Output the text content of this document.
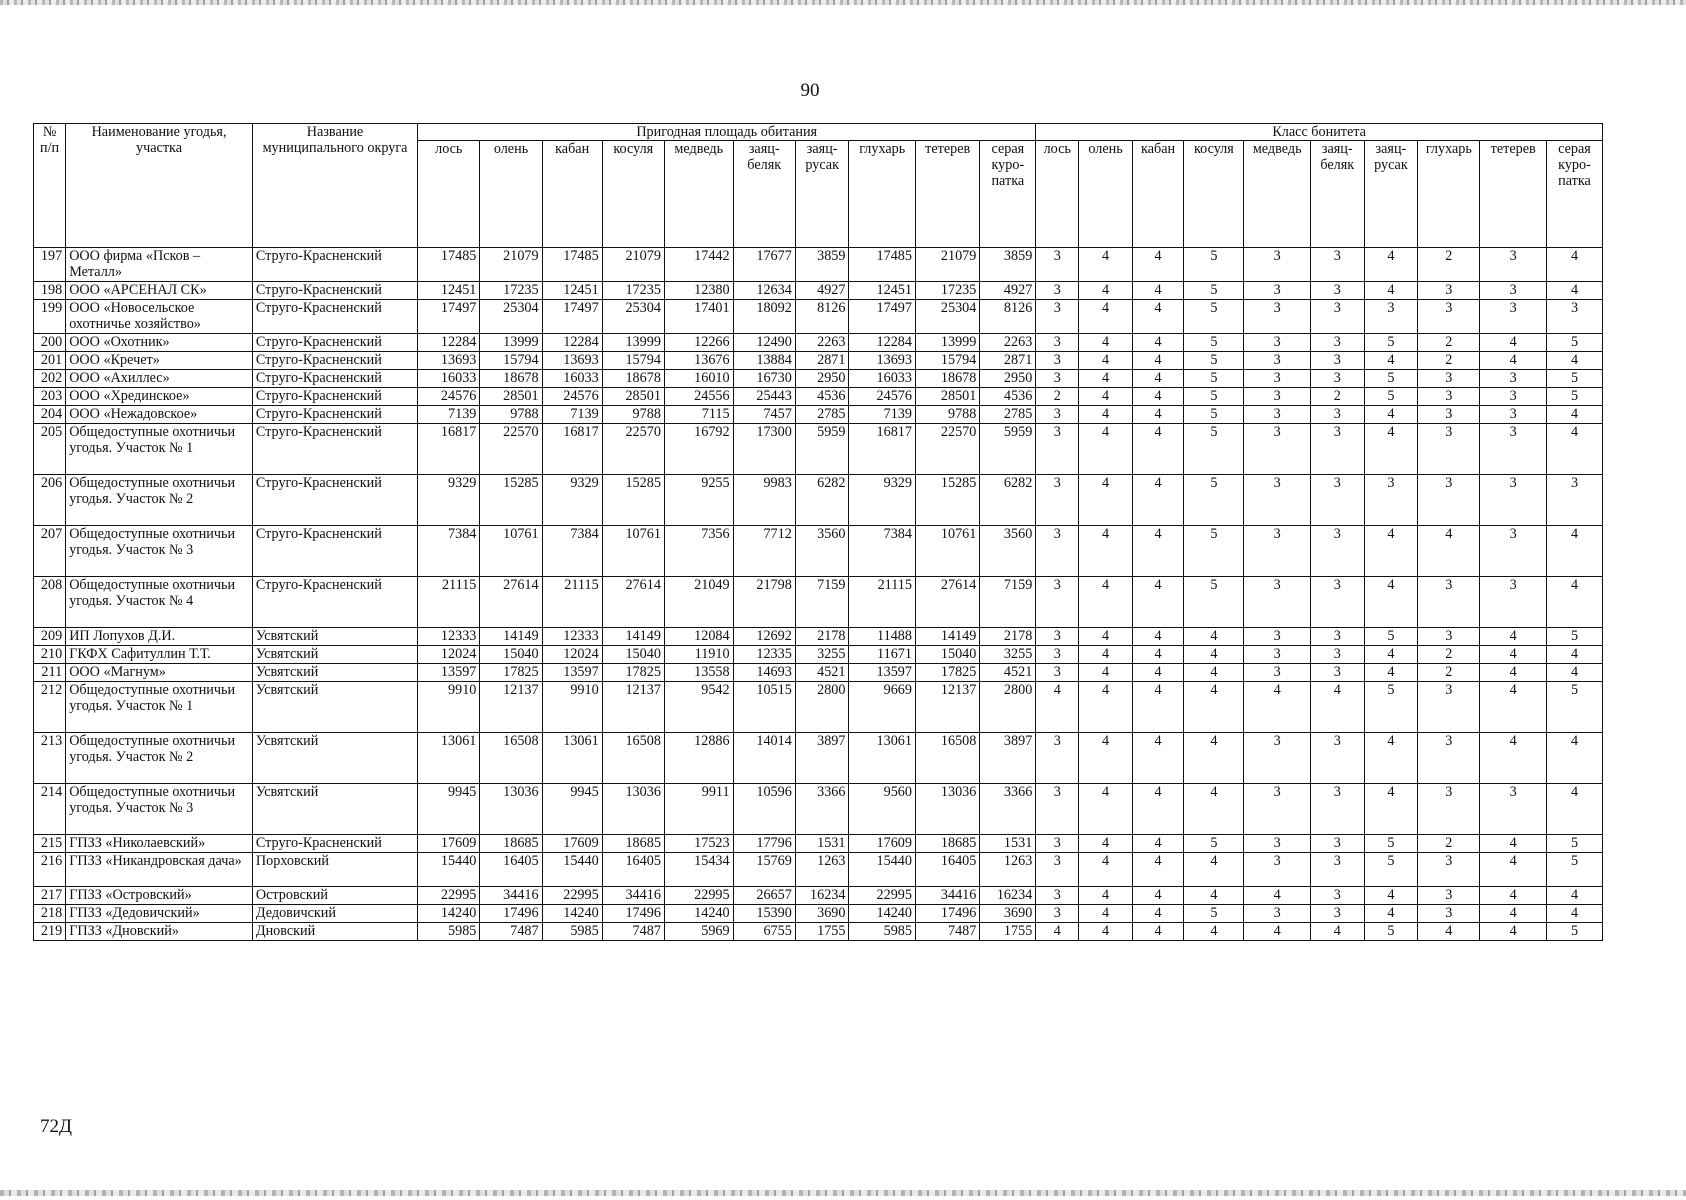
90
№ п/п	Наименование угодья, участка	Название муниципального округа	Пригодная площадь обитания										Класс бонитета									
			лось	олень	кабан	косуля	медведь	заяц-беляк	заяц-русак	глухарь	тетерев	серая куро-патка	лось	олень	кабан	косуля	медведь	заяц-беляк	заяц-русак	глухарь	тетерев	серая куро-патка
197	ООО фирма «Псков – Металл»	Струго-Красненский	17485	21079	17485	21079	17442	17677	3859	17485	21079	3859	3	4	4	5	3	3	4	2	3	4
198	ООО «АРСЕНАЛ СК»	Струго-Красненский	12451	17235	12451	17235	12380	12634	4927	12451	17235	4927	3	4	4	5	3	3	4	3	3	4
199	ООО «Новосельское охотничье хозяйство»	Струго-Красненский	17497	25304	17497	25304	17401	18092	8126	17497	25304	8126	3	4	4	5	3	3	3	3	3	3
200	ООО «Охотник»	Струго-Красненский	12284	13999	12284	13999	12266	12490	2263	12284	13999	2263	3	4	4	5	3	3	5	2	4	5
201	ООО «Кречет»	Струго-Красненский	13693	15794	13693	15794	13676	13884	2871	13693	15794	2871	3	4	4	5	3	3	4	2	4	4
202	ООО «Ахиллес»	Струго-Красненский	16033	18678	16033	18678	16010	16730	2950	16033	18678	2950	3	4	4	5	3	3	5	3	3	5
203	ООО «Хрединское»	Струго-Красненский	24576	28501	24576	28501	24556	25443	4536	24576	28501	4536	2	4	4	5	3	2	5	3	3	5
204	ООО «Нежадовское»	Струго-Красненский	7139	9788	7139	9788	7115	7457	2785	7139	9788	2785	3	4	4	5	3	3	4	3	3	4
205	Общедоступные охотничьи угодья. Участок № 1	Струго-Красненский	16817	22570	16817	22570	16792	17300	5959	16817	22570	5959	3	4	4	5	3	3	4	3	3	4
206	Общедоступные охотничьи угодья. Участок № 2	Струго-Красненский	9329	15285	9329	15285	9255	9983	6282	9329	15285	6282	3	4	4	5	3	3	3	3	3	3
207	Общедоступные охотничьи угодья. Участок № 3	Струго-Красненский	7384	10761	7384	10761	7356	7712	3560	7384	10761	3560	3	4	4	5	3	3	4	4	3	4
208	Общедоступные охотничьи угодья. Участок № 4	Струго-Красненский	21115	27614	21115	27614	21049	21798	7159	21115	27614	7159	3	4	4	5	3	3	4	3	3	4
209	ИП Лопухов Д.И.	Усвятский	12333	14149	12333	14149	12084	12692	2178	11488	14149	2178	3	4	4	4	3	3	5	3	4	5
210	ГКФХ Сафитуллин Т.Т.	Усвятский	12024	15040	12024	15040	11910	12335	3255	11671	15040	3255	3	4	4	4	3	3	4	2	4	4
211	ООО «Магнум»	Усвятский	13597	17825	13597	17825	13558	14693	4521	13597	17825	4521	3	4	4	4	3	3	4	2	4	4
212	Общедоступные охотничьи угодья. Участок № 1	Усвятский	9910	12137	9910	12137	9542	10515	2800	9669	12137	2800	4	4	4	4	4	4	5	3	4	5
213	Общедоступные охотничьи угодья. Участок № 2	Усвятский	13061	16508	13061	16508	12886	14014	3897	13061	16508	3897	3	4	4	4	3	3	4	3	4	4
214	Общедоступные охотничьи угодья. Участок № 3	Усвятский	9945	13036	9945	13036	9911	10596	3366	9560	13036	3366	3	4	4	4	3	3	4	3	3	4
215	ГПЗЗ «Николаевский»	Струго-Красненский	17609	18685	17609	18685	17523	17796	1531	17609	18685	1531	3	4	4	5	3	3	5	2	4	5
216	ГПЗЗ «Никандровская дача»	Порховский	15440	16405	15440	16405	15434	15769	1263	15440	16405	1263	3	4	4	4	3	3	5	3	4	5
217	ГПЗЗ «Островский»	Островский	22995	34416	22995	34416	22995	26657	16234	22995	34416	16234	3	4	4	4	4	3	4	3	4	4
218	ГПЗЗ «Дедовичский»	Дедовичский	14240	17496	14240	17496	14240	15390	3690	14240	17496	3690	3	4	4	5	3	3	4	3	4	4
219	ГПЗЗ «Дновский»	Дновский	5985	7487	5985	7487	5969	6755	1755	5985	7487	1755	4	4	4	4	4	4	5	4	4	5
72Д
